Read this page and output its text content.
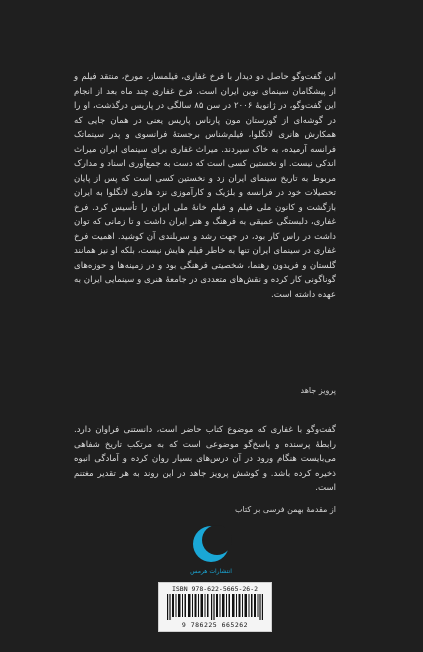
این گفت‌وگو حاصل دو دیدار با فرخ غفاری، فیلمساز، مورخ، منتقد فیلم و از پیشگامان سینمای نوین ایران است. فرخ غفاری چند ماه بعد از انجام این گفت‌وگو، در ژانویهٔ ۲۰۰۶ در سن ۸۵ سالگی در پاریس درگذشت، او را در گوشه‌ای از گورستان مون پارناس پاریس یعنی در همان جایی که همکارش هانری لانگلوا، فیلم‌شناس برجستهٔ فرانسوی و پدر سینماتک فرانسه آرمیده، به خاک سپردند. میراث غفاری برای سینمای ایران میراث اندکی نیست. او نخستین کسی است که دست به جمع‌آوری اسناد و مدارک مربوط به تاریخ سینمای ایران زد و نخستین کسی است که پس از پایان تحصیلات خود در فرانسه و بلژیک و کارآموزی نزد هانری لانگلوا به ایران بازگشت و کانون ملی فیلم و فیلم خانهٔ ملی ایران را تأسیس کرد. فرخ غفاری، دلبستگی عمیقی به فرهنگ و هنر ایران داشت و تا زمانی که توان داشت در راس کار بود، در جهت رشد و سربلندی آن کوشید. اهمیت فرخ غفاری در سینمای ایران تنها به خاطر فیلم هایش نیست، بلکه او نیز همانند گلستان و فریدون رهنما، شخصیتی فرهنگی بود و در زمینه‌ها و حوزه‌های گوناگونی کار کرده و نقش‌های متعددی در جامعهٔ هنری و سینمایی ایران به عهده داشته است.
پرویز جاهد
گفت‌وگو با غفاری که موضوع کتاب حاضر است، دانستنی فراوان دارد. رابطهٔ پرسنده و پاسخ‌گو موضوعی است که به مرتکب تاریخ شفاهی می‌بایست هنگام ورود در آن درس‌های بسیار روان کرده و آمادگی انبوه ذخیره کرده باشد. و کوشش پرویز جاهد در این روند به هر تقدیر مغتنم است.
از مقدمهٔ بهمن فرسی بر کتاب
انتشارات هرمس
ISBN 978-622-5665-26-2
9 786225 665262
